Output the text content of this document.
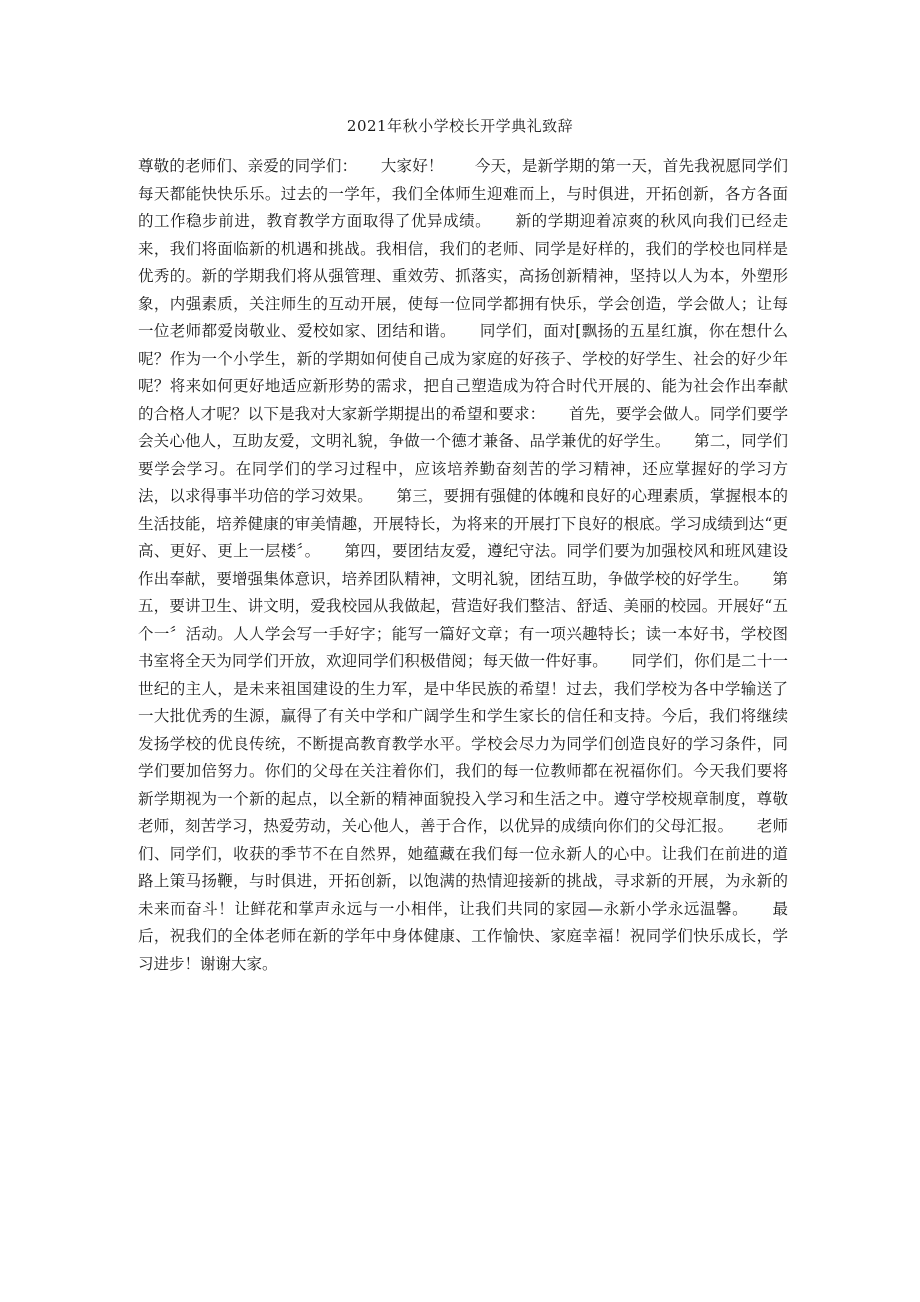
2021年秋小学校长开学典礼致辞
尊敬的老师们、亲爱的同学们：　　大家好！　　今天，是新学期的第一天，首先我祝愿同学们每天都能快快乐乐。过去的一学年，我们全体师生迎难而上，与时俱进，开拓创新，各方各面的工作稳步前进，教育教学方面取得了优异成绩。　　新的学期迎着凉爽的秋风向我们已经走来，我们将面临新的机遇和挑战。我相信，我们的老师、同学是好样的，我们的学校也同样是优秀的。新的学期我们将从强管理、重效劳、抓落实，高扬创新精神，坚持以人为本，外塑形象，内强素质，关注师生的互动开展，使每一位同学都拥有快乐，学会创造，学会做人；让每一位老师都爱岗敬业、爱校如家、团结和谐。　　同学们，面对[飘扬的五星红旗，你在想什么呢？作为一个小学生，新的学期如何使自己成为家庭的好孩子、学校的好学生、社会的好少年呢？将来如何更好地适应新形势的需求，把自己塑造成为符合时代开展的、能为社会作出奉献的合格人才呢？以下是我对大家新学期提出的希望和要求：　　首先，要学会做人。同学们要学会关心他人，互助友爱，文明礼貌，争做一个德才兼备、品学兼优的好学生。　　第二，同学们要学会学习。在同学们的学习过程中，应该培养勤奋刻苦的学习精神，还应掌握好的学习方法，以求得事半功倍的学习效果。　　第三，要拥有强健的体魄和良好的心理素质，掌握根本的生活技能，培养健康的审美情趣，开展特长，为将来的开展打下良好的根底。学习成绩到达“更高、更好、更上一层楼〞。　　第四，要团结友爱，遵纪守法。同学们要为加强校风和班风建设作出奉献，要增强集体意识，培养团队精神，文明礼貌，团结互助，争做学校的好学生。　　第五，要讲卫生、讲文明，爱我校园从我做起，营造好我们整洁、舒适、美丽的校园。开展好“五个一〞活动。人人学会写一手好字；能写一篇好文章；有一项兴趣特长；读一本好书，学校图书室将全天为同学们开放，欢迎同学们积极借阅；每天做一件好事。　　同学们，你们是二十一世纪的主人，是未来祖国建设的生力军，是中华民族的希望！过去，我们学校为各中学输送了一大批优秀的生源，赢得了有关中学和广阔学生和学生家长的信任和支持。今后，我们将继续发扬学校的优良传统，不断提高教育教学水平。学校会尽力为同学们创造良好的学习条件，同学们要加倍努力。你们的父母在关注着你们，我们的每一位教师都在祝福你们。今天我们要将新学期视为一个新的起点，以全新的精神面貌投入学习和生活之中。遵守学校规章制度，尊敬老师，刻苦学习，热爱劳动，关心他人，善于合作，以优异的成绩向你们的父母汇报。　　老师们、同学们，收获的季节不在自然界，她蕴藏在我们每一位永新人的心中。让我们在前进的道路上策马扬鞭，与时俱进，开拓创新，以饱满的热情迎接新的挑战，寻求新的开展，为永新的未来而奋斗！让鲜花和掌声永远与一小相伴，让我们共同的家园—永新小学永远温馨。　　最后，祝我们的全体老师在新的学年中身体健康、工作愉快、家庭幸福！祝同学们快乐成长，学习进步！谢谢大家。
